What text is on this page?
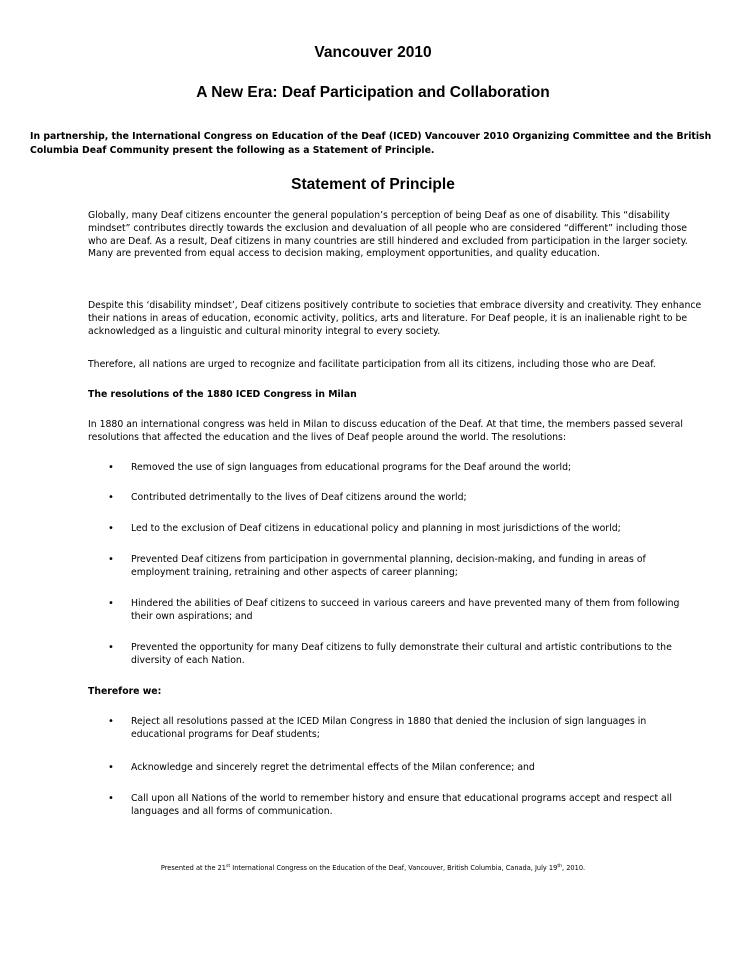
Vancouver 2010
A New Era: Deaf Participation and Collaboration

In partnership, the International Congress on Education of the Deaf (ICED) Vancouver 2010 Organizing Committee and the British Columbia Deaf Community present the following as a Statement of Principle.

Statement of Principle

Globally, many Deaf citizens encounter the general population’s perception of being Deaf as one of disability. This “disability mindset” contributes directly towards the exclusion and devaluation of all people who are considered “different” including those who are Deaf. As a result, Deaf citizens in many countries are still hindered and excluded from participation in the larger society. Many are prevented from equal access to decision making, employment opportunities, and quality education.

Despite this ‘disability mindset’, Deaf citizens positively contribute to societies that embrace diversity and creativity. They enhance their nations in areas of education, economic activity, politics, arts and literature. For Deaf people, it is an inalienable right to be acknowledged as a linguistic and cultural minority integral to every society.

Therefore, all nations are urged to recognize and facilitate participation from all its citizens, including those who are Deaf.

The resolutions of the 1880 ICED Congress in Milan

In 1880 an international congress was held in Milan to discuss education of the Deaf. At that time, the members passed several resolutions that affected the education and the lives of Deaf people around the world. The resolutions:

• Removed the use of sign languages from educational programs for the Deaf around the world;
• Contributed detrimentally to the lives of Deaf citizens around the world;
• Led to the exclusion of Deaf citizens in educational policy and planning in most jurisdictions of the world;
• Prevented Deaf citizens from participation in governmental planning, decision-making, and funding in areas of employment training, retraining and other aspects of career planning;
• Hindered the abilities of Deaf citizens to succeed in various careers and have prevented many of them from following their own aspirations; and
• Prevented the opportunity for many Deaf citizens to fully demonstrate their cultural and artistic contributions to the diversity of each Nation.
Therefore we:
• Reject all resolutions passed at the ICED Milan Congress in 1880 that denied the inclusion of sign languages in educational programs for Deaf students;
• Acknowledge and sincerely regret the detrimental effects of the Milan conference; and
• Call upon all Nations of the world to remember history and ensure that educational programs accept and respect all languages and all forms of communication.
Presented at the 21st International Congress on the Education of the Deaf, Vancouver, British Columbia, Canada, July 19th, 2010.
